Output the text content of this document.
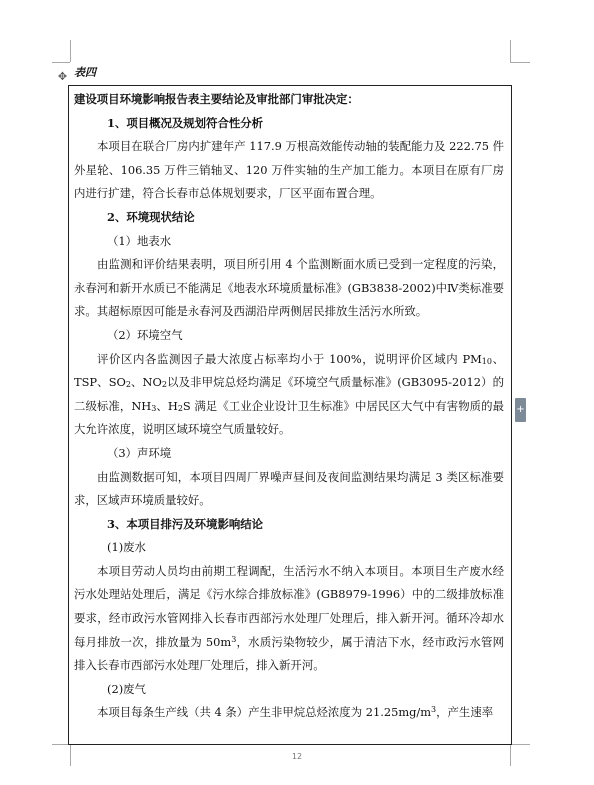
✥ 表四

建设项目环境影响报告表主要结论及审批部门审批决定：

1、项目概况及规划符合性分析

本项目在联合厂房内扩建年产 117.9 万根高效能传动轴的装配能力及 222.75 件外星轮、106.35 万件三销轴叉、120 万件实轴的生产加工能力。本项目在原有厂房内进行扩建，符合长春市总体规划要求，厂区平面布置合理。

2、环境现状结论

（1）地表水

由监测和评价结果表明，项目所引用 4 个监测断面水质已受到一定程度的污染，永春河和新开水质已不能满足《地表水环境质量标准》(GB3838-2002)中Ⅳ类标准要求。其超标原因可能是永春河及西湖沿岸两侧居民排放生活污水所致。

（2）环境空气

评价区内各监测因子最大浓度占标率均小于 100%，说明评价区域内 $PM_{10}$、TSP、$SO_2$、$NO_2$以及非甲烷总烃均满足《环境空气质量标准》(GB3095-2012）的二级标准，$NH_3$、$H_2S$ 满足《工业企业设计卫生标准》中居民区大气中有害物质的最大允许浓度，说明区域环境空气质量较好。

（3）声环境

由监测数据可知，本项目四周厂界噪声昼间及夜间监测结果均满足 3 类区标准要求，区域声环境质量较好。

3、本项目排污及环境影响结论

(1)废水

本项目劳动人员均由前期工程调配，生活污水不纳入本项目。本项目生产废水经污水处理站处理后，满足《污水综合排放标准》(GB8979-1996）中的二级排放标准要求，经市政污水管网排入长春市西部污水处理厂处理后，排入新开河。循环冷却水每月排放一次，排放量为 $50m^3$，水质污染物较少，属于清洁下水，经市政污水管网排入长春市西部污水处理厂处理后，排入新开河。

(2)废气

本项目每条生产线（共 4 条）产生非甲烷总烃浓度为 $21.25mg/m^3$，产生速率

+
12
